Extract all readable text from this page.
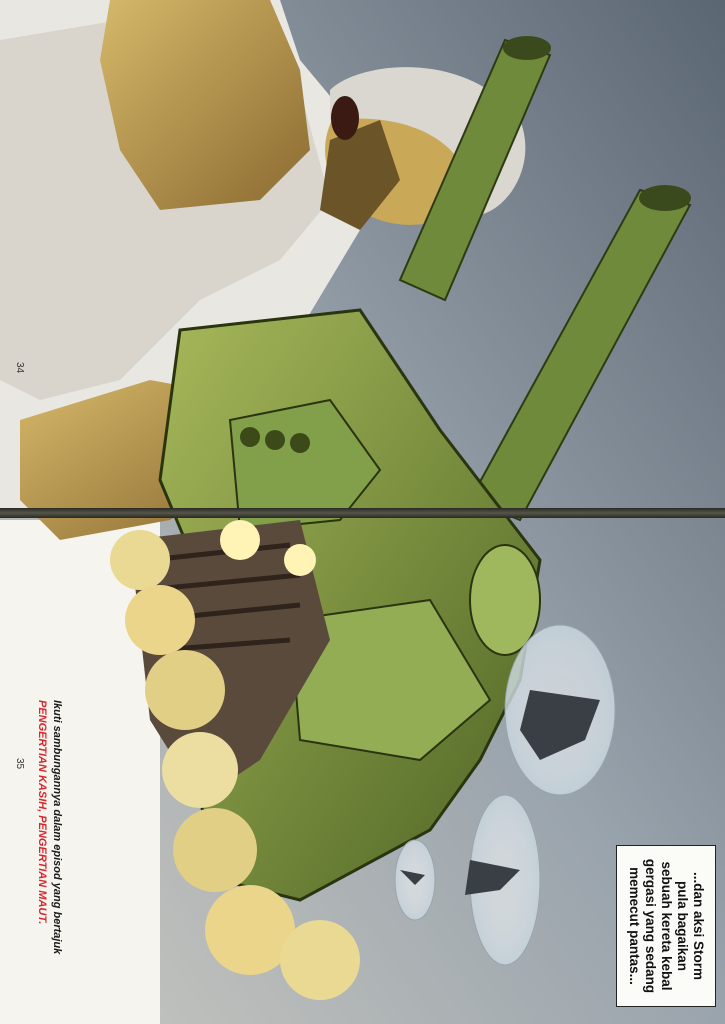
34
35 Ikuti sambungannya dalam episod yang bertajuk
PENGERTIAN KASIH, PENGERTIAN MAUT.
...dan aksi Storm
pula bagaikan
sebuah kereta kebal
gergasi yang sedang
memecut pantas...
